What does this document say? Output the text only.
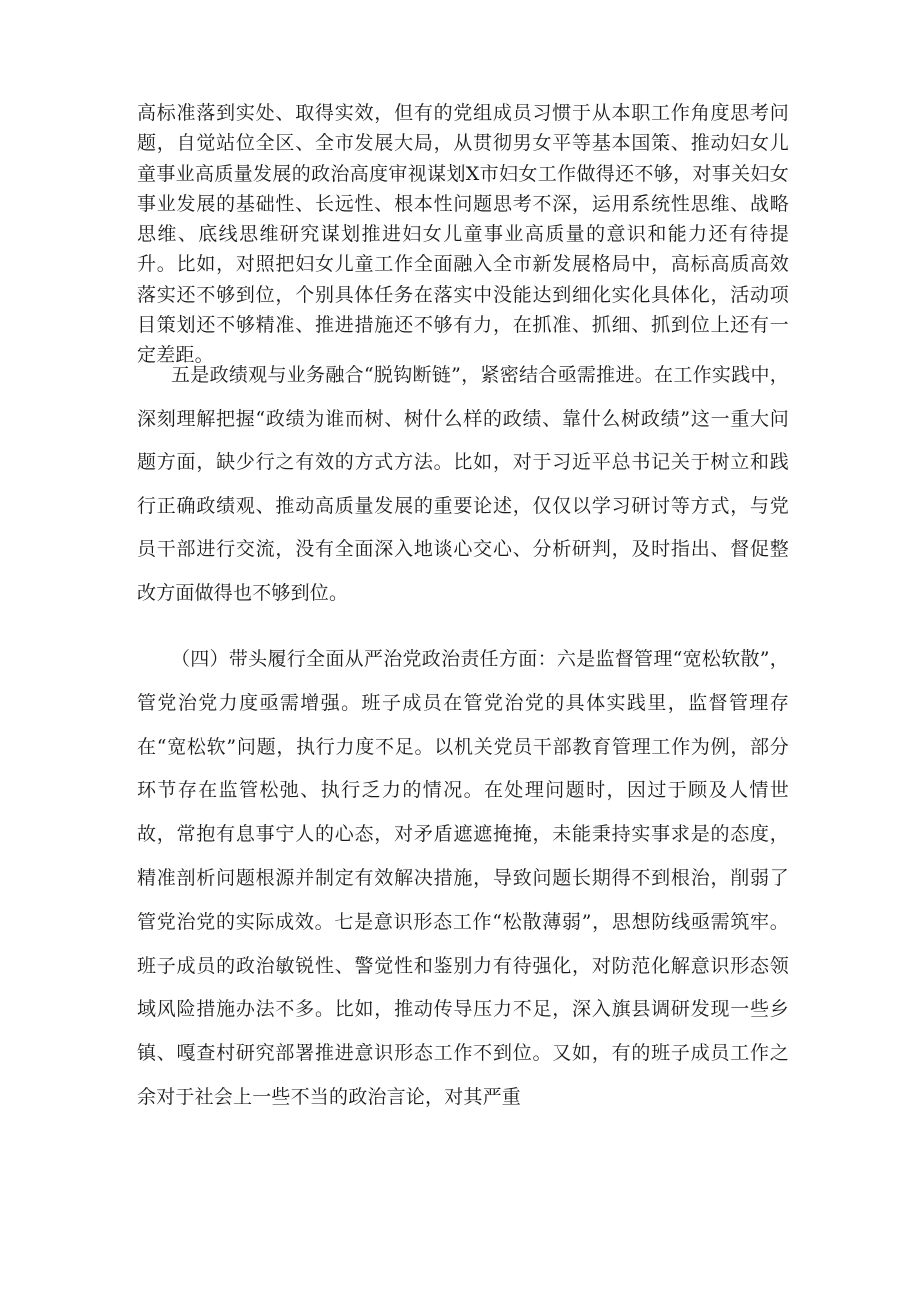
高标准落到实处、取得实效，但有的党组成员习惯于从本职工作角度思考问题，自觉站位全区、全市发展大局，从贯彻男女平等基本国策、推动妇女儿童事业高质量发展的政治高度审视谋划X市妇女工作做得还不够，对事关妇女事业发展的基础性、长远性、根本性问题思考不深，运用系统性思维、战略思维、底线思维研究谋划推进妇女儿童事业高质量的意识和能力还有待提升。比如，对照把妇女儿童工作全面融入全市新发展格局中，高标高质高效落实还不够到位，个别具体任务在落实中没能达到细化实化具体化，活动项目策划还不够精准、推进措施还不够有力，在抓准、抓细、抓到位上还有一定差距。

五是政绩观与业务融合“脱钩断链”，紧密结合亟需推进。在工作实践中，深刻理解把握“政绩为谁而树、树什么样的政绩、靠什么树政绩”这一重大问题方面，缺少行之有效的方式方法。比如，对于习近平总书记关于树立和践行正确政绩观、推动高质量发展的重要论述，仅仅以学习研讨等方式，与党员干部进行交流，没有全面深入地谈心交心、分析研判，及时指出、督促整改方面做得也不够到位。

（四）带头履行全面从严治党政治责任方面：六是监督管理“宽松软散”，管党治党力度亟需增强。班子成员在管党治党的具体实践里，监督管理存在“宽松软”问题，执行力度不足。以机关党员干部教育管理工作为例，部分环节存在监管松弛、执行乏力的情况。在处理问题时，因过于顾及人情世故，常抱有息事宁人的心态，对矛盾遮遮掩掩，未能秉持实事求是的态度，精准剖析问题根源并制定有效解决措施，导致问题长期得不到根治，削弱了管党治党的实际成效。七是意识形态工作“松散薄弱”，思想防线亟需筑牢。班子成员的政治敏锐性、警觉性和鉴别力有待强化，对防范化解意识形态领域风险措施办法不多。比如，推动传导压力不足，深入旗县调研发现一些乡镇、嘎查村研究部署推进意识形态工作不到位。又如，有的班子成员工作之余对于社会上一些不当的政治言论，对其严重
